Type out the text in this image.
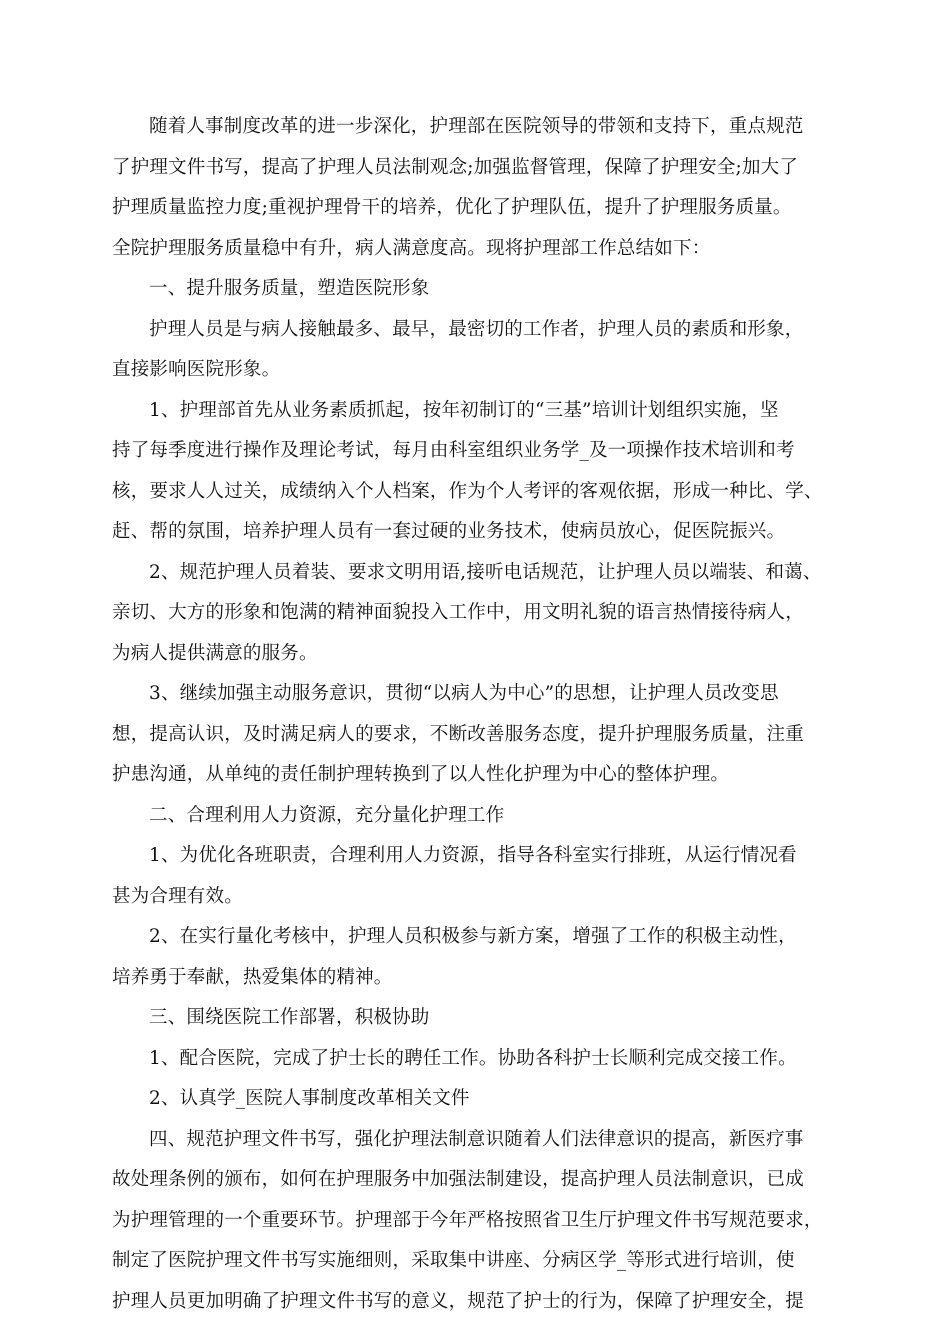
随着人事制度改革的进一步深化，护理部在医院领导的带领和支持下，重点规范
了护理文件书写，提高了护理人员法制观念;加强监督管理，保障了护理安全;加大了
护理质量监控力度;重视护理骨干的培养，优化了护理队伍，提升了护理服务质量。
全院护理服务质量稳中有升，病人满意度高。现将护理部工作总结如下：
一、提升服务质量，塑造医院形象
护理人员是与病人接触最多、最早，最密切的工作者，护理人员的素质和形象，
直接影响医院形象。
1、护理部首先从业务素质抓起，按年初制订的“三基”培训计划组织实施，坚
持了每季度进行操作及理论考试，每月由科室组织业务学_及一项操作技术培训和考
核，要求人人过关，成绩纳入个人档案，作为个人考评的客观依据，形成一种比、学、
赶、帮的氛围，培养护理人员有一套过硬的业务技术，使病员放心，促医院振兴。
2、规范护理人员着装、要求文明用语,接听电话规范，让护理人员以端装、和蔼、
亲切、大方的形象和饱满的精神面貌投入工作中，用文明礼貌的语言热情接待病人，
为病人提供满意的服务。
3、继续加强主动服务意识，贯彻“以病人为中心”的思想，让护理人员改变思
想，提高认识，及时满足病人的要求，不断改善服务态度，提升护理服务质量，注重
护患沟通，从单纯的责任制护理转换到了以人性化护理为中心的整体护理。
二、合理利用人力资源，充分量化护理工作
1、为优化各班职责，合理利用人力资源，指导各科室实行排班，从运行情况看
甚为合理有效。
2、在实行量化考核中，护理人员积极参与新方案，增强了工作的积极主动性，
培养勇于奉献，热爱集体的精神。
三、围绕医院工作部署，积极协助
1、配合医院，完成了护士长的聘任工作。协助各科护士长顺利完成交接工作。
2、认真学_医院人事制度改革相关文件
四、规范护理文件书写，强化护理法制意识随着人们法律意识的提高，新医疗事
故处理条例的颁布，如何在护理服务中加强法制建设，提高护理人员法制意识，已成
为护理管理的一个重要环节。护理部于今年严格按照省卫生厅护理文件书写规范要求，
制定了医院护理文件书写实施细则，采取集中讲座、分病区学_等形式进行培训，使
护理人员更加明确了护理文件书写的意义，规范了护士的行为，保障了护理安全，提
